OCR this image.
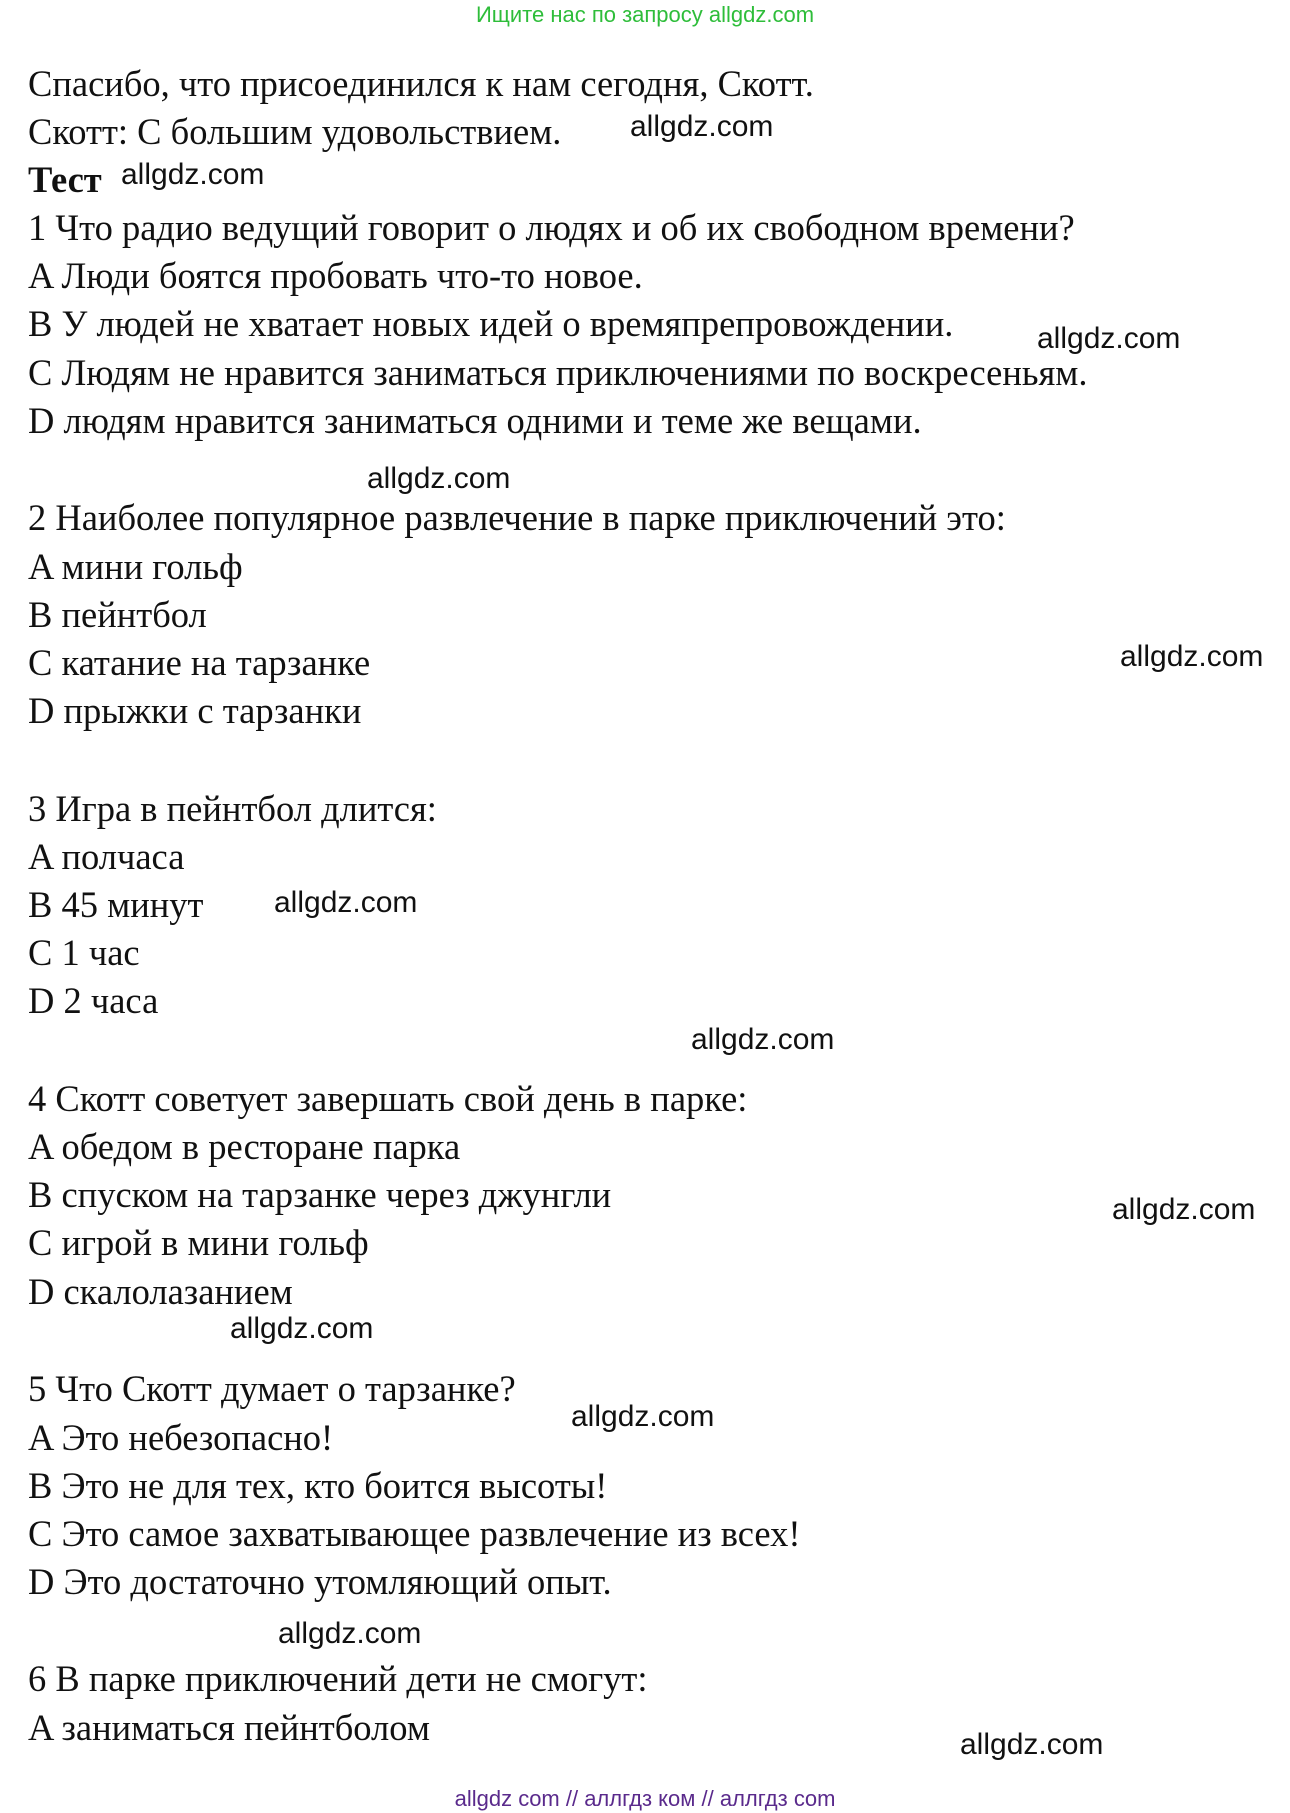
Ищите нас по запросу allgdz.com
Спасибо, что присоединился к нам сегодня, Скотт.
Скотт: С большим удовольствием.
Тест
1 Что радио ведущий говорит о людях и об их свободном времени?
A Люди боятся пробовать что-то новое.
B У людей не хватает новых идей о времяпрепровождении.
C Людям не нравится заниматься приключениями по воскресеньям.
D людям нравится заниматься одними и теме же вещами.
2 Наиболее популярное развлечение в парке приключений это:
A мини гольф
B пейнтбол
C катание на тарзанке
D прыжки с тарзанки
3 Игра в пейнтбол длится:
A полчаса
B 45 минут
C 1 час
D 2 часа
4 Скотт советует завершать свой день в парке:
A обедом в ресторане парка
B спуском на тарзанке через джунгли
C игрой в мини гольф
D скалолазанием
5 Что Скотт думает о тарзанке?
A Это небезопасно!
B Это не для тех, кто боится высоты!
C Это самое захватывающее развлечение из всех!
D Это достаточно утомляющий опыт.
6 В парке приключений дети не смогут:
A заниматься пейнтболом
allgdz.com
allgdz.com
allgdz.com
allgdz.com
allgdz.com
allgdz.com
allgdz.com
allgdz.com
allgdz.com
allgdz.com
allgdz.com
allgdz.com
allgdz com // аллгдз ком // аллгдз com
